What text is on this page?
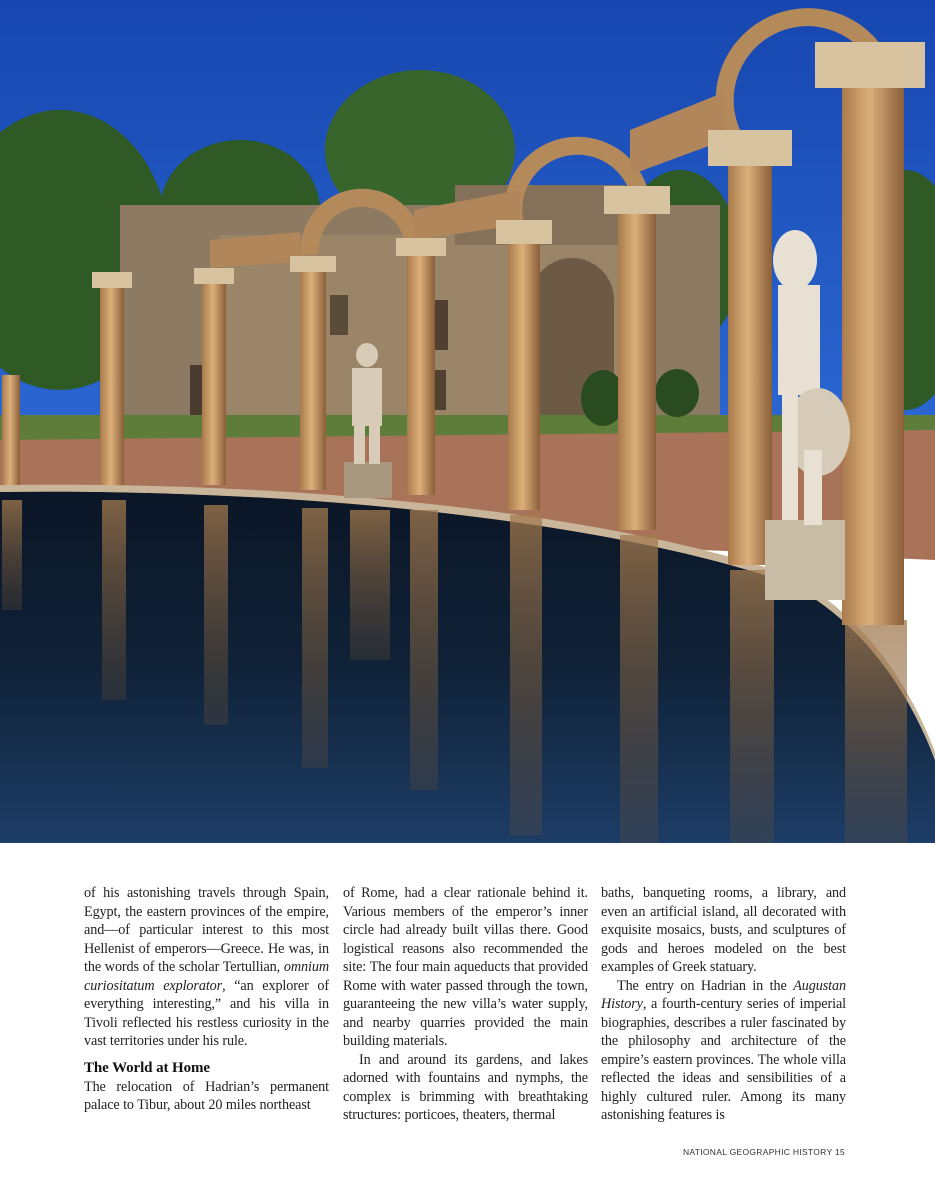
of his astonishing travels through Spain, Egypt, the eastern provinces of the empire, and—of particular interest to this most Hellenist of emperors—Greece. He was, in the words of the scholar Tertullian, omnium curiositatum explorator, “an explorer of everything interesting,” and his villa in Tivoli reflected his restless curiosity in the vast territories under his rule.

The World at Home

The relocation of Hadrian’s permanent palace to Tibur, about 20 miles northeast

of Rome, had a clear rationale behind it. Various members of the emperor’s inner circle had already built villas there. Good logistical reasons also recommended the site: The four main aqueducts that provided Rome with water passed through the town, guaranteeing the new villa’s water supply, and nearby quarries provided the main building materials.

In and around its gardens, and lakes adorned with fountains and nymphs, the complex is brimming with breathtaking structures: porticoes, theaters, thermal

baths, banqueting rooms, a library, and even an artificial island, all decorated with exquisite mosaics, busts, and sculptures of gods and heroes modeled on the best examples of Greek statuary.

The entry on Hadrian in the Augustan History, a fourth-century series of imperial biographies, describes a ruler fascinated by the philosophy and architecture of the empire’s eastern provinces. The whole villa reflected the ideas and sensibilities of a highly cultured ruler. Among its many astonishing features is

NATIONAL GEOGRAPHIC HISTORY 15
